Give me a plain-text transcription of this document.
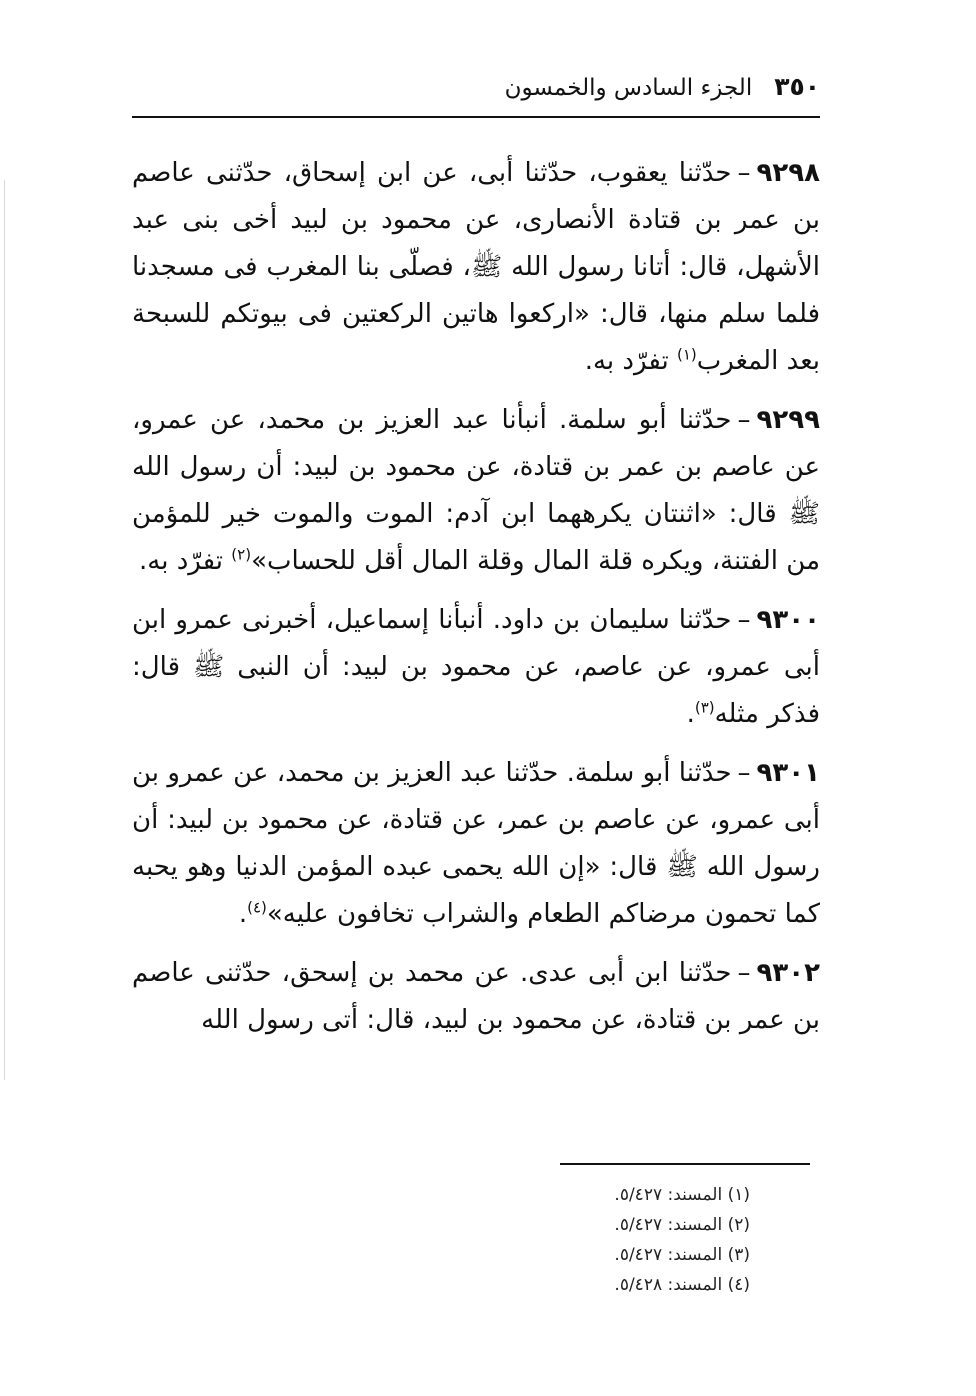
٣٥٠
الجزء السادس والخمسون

٩٢٩٨–حدّثنا يعقوب، حدّثنا أبى، عن ابن إسحاق، حدّثنى عاصم بن عمر بن قتادة الأنصارى، عن محمود بن لبيد أخى بنى عبد الأشهل، قال: أتانا رسول الله ﷺ، فصلّى بنا المغرب فى مسجدنا فلما سلم منها، قال: «اركعوا هاتين الركعتين فى بيوتكم للسبحة بعد المغرب$^{(١)}$ تفرّد به.

٩٢٩٩–حدّثنا أبو سلمة. أنبأنا عبد العزيز بن محمد، عن عمرو، عن عاصم بن عمر بن قتادة، عن محمود بن لبيد: أن رسول الله ﷺ قال: «اثنتان يكرههما ابن آدم: الموت والموت خير للمؤمن من الفتنة، ويكره قلة المال وقلة المال أقل للحساب»$^{(٢)}$ تفرّد به.

٩٣٠٠–حدّثنا سليمان بن داود. أنبأنا إسماعيل، أخبرنى عمرو ابن أبى عمرو، عن عاصم، عن محمود بن لبيد: أن النبى ﷺ قال: فذكر مثله$^{(٣)}$.

٩٣٠١–حدّثنا أبو سلمة. حدّثنا عبد العزيز بن محمد، عن عمرو بن أبى عمرو، عن عاصم بن عمر، عن قتادة، عن محمود بن لبيد: أن رسول الله ﷺ قال: «إن الله يحمى عبده المؤمن الدنيا وهو يحبه كما تحمون مرضاكم الطعام والشراب تخافون عليه»$^{(٤)}$.

٩٣٠٢–حدّثنا ابن أبى عدى. عن محمد بن إسحق، حدّثنى عاصم بن عمر بن قتادة، عن محمود بن لبيد، قال: أتى رسول الله

(١) المسند: ٥/٤٢٧.
(٢) المسند: ٥/٤٢٧.
(٣) المسند: ٥/٤٢٧.
(٤) المسند: ٥/٤٢٨.
